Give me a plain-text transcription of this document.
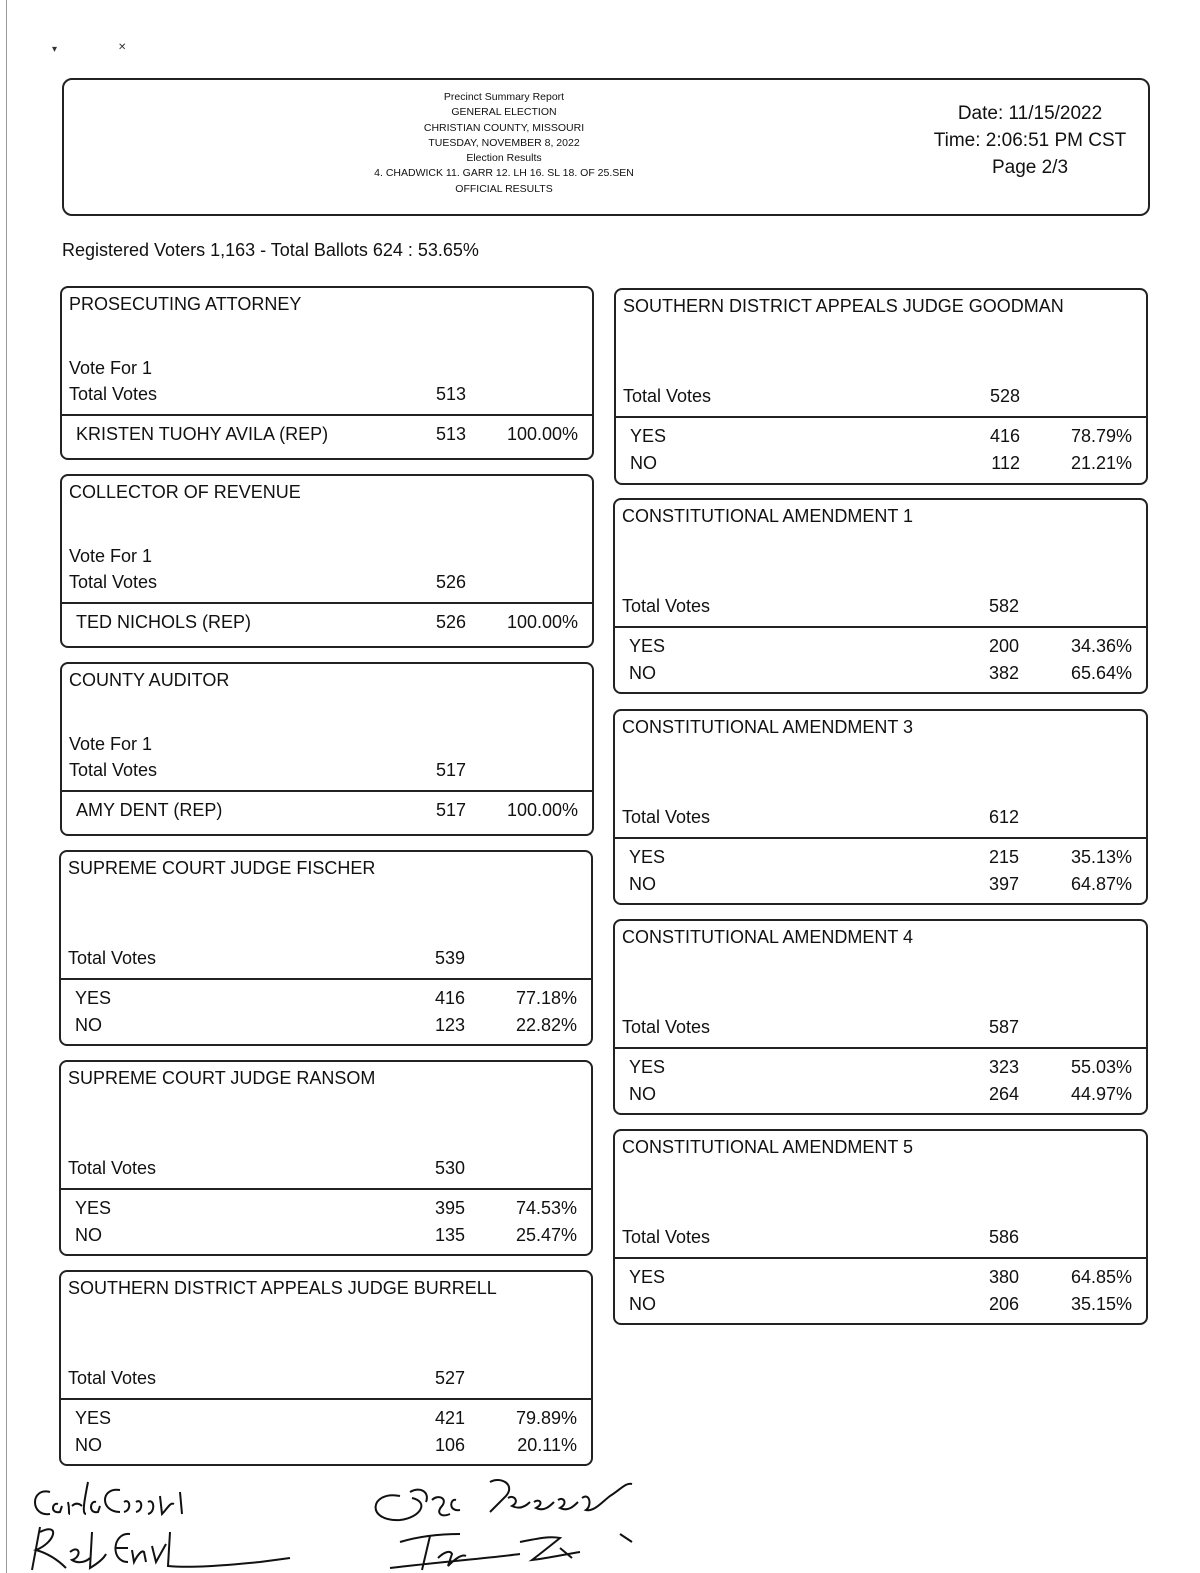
▾	✕
Precinct Summary Report
GENERAL ELECTION
CHRISTIAN COUNTY, MISSOURI
TUESDAY, NOVEMBER 8, 2022
Election Results
4. CHADWICK 11. GARR 12. LH 16. SL 18. OF 25.SEN
OFFICIAL RESULTS
Date: 11/15/2022
Time: 2:06:51 PM CST
Page 2/3
Registered Voters 1,163 - Total Ballots 624 : 53.65%
PROSECUTING ATTORNEY
Vote For 1
Total Votes	513
KRISTEN TUOHY AVILA (REP)	513 100.00%
COLLECTOR OF REVENUE
Vote For 1
Total Votes	526
TED NICHOLS (REP)	526 100.00%
COUNTY AUDITOR
Vote For 1
Total Votes	517
AMY DENT (REP)	517 100.00%
SUPREME COURT JUDGE FISCHER
Total Votes	539
YES	416	77.18%
NO	123	22.82%
SUPREME COURT JUDGE RANSOM
Total Votes	530
YES	395	74.53%
NO	135	25.47%
SOUTHERN DISTRICT APPEALS JUDGE BURRELL
Total Votes	527
YES	421	79.89%
NO	106	20.11%
SOUTHERN DISTRICT APPEALS JUDGE GOODMAN
Total Votes	528
YES	416	78.79%
NO	112	21.21%
CONSTITUTIONAL AMENDMENT 1
Total Votes	582
YES	200	34.36%
NO	382	65.64%
CONSTITUTIONAL AMENDMENT 3
Total Votes	612
YES	215	35.13%
NO	397	64.87%
CONSTITUTIONAL AMENDMENT 4
Total Votes	587
YES	323	55.03%
NO	264	44.97%
CONSTITUTIONAL AMENDMENT 5
Total Votes	586
YES	380	64.85%
NO	206	35.15%
